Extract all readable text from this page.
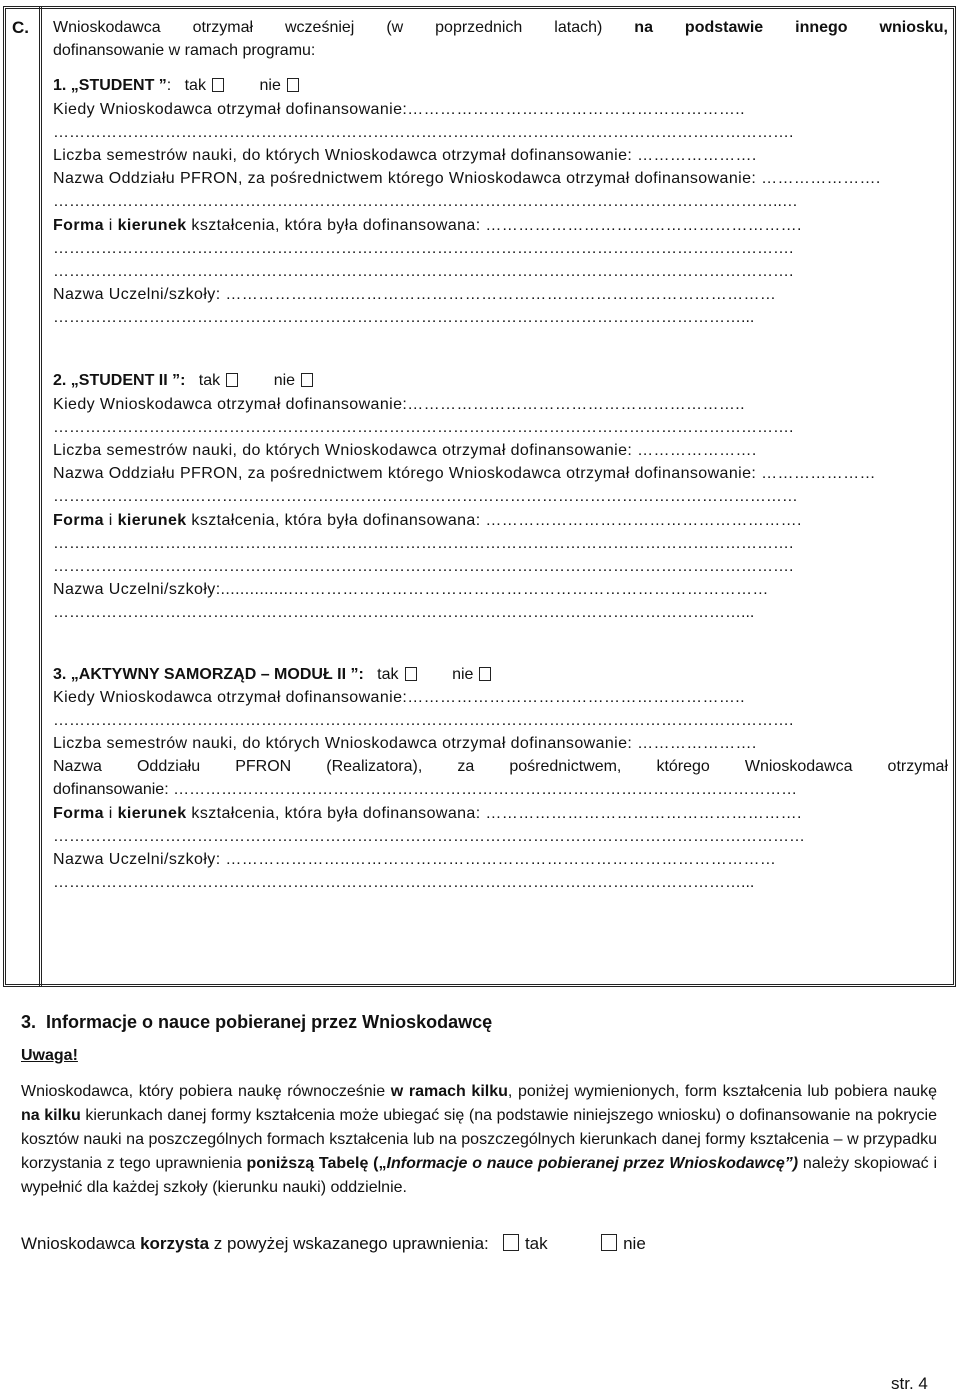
C. Wnioskodawca otrzymał wcześniej (w poprzednich latach) na podstawie innego wniosku,
dofinansowanie w ramach programu:
1. „STUDENT ”: tak	nie
Kiedy Wnioskodawca otrzymał dofinansowanie:……………………………………………………..
………………………………………………………………………………………………………………………….
Liczba semestrów nauki, do których Wnioskodawca otrzymał dofinansowanie: ………………….
Nazwa Oddziału PFRON, za pośrednictwem którego Wnioskodawca otrzymał dofinansowanie: ………………….
………………………………………………………………………………………………………………………..…
Forma i kierunek kształcenia, która była dofinansowana: ………………………………………………….
………………………………………………………………………………………………………………………….
………………………………………………………………………………………………………………………….
Nazwa Uczelni/szkoły: …………………..……………………………………………………………………
…………………………………………………………………………………………………………………...
2. „STUDENT II ”: tak	nie
Kiedy Wnioskodawca otrzymał dofinansowanie:……………………………………………………..
………………………………………………………………………………………………………………………….
Liczba semestrów nauki, do których Wnioskodawca otrzymał dofinansowanie: ………………….
Nazwa Oddziału PFRON, za pośrednictwem którego Wnioskodawca otrzymał dofinansowanie: …………………
……………………..……………………………………………………………………………………………………
Forma i kierunek kształcenia, która była dofinansowana: ………………………………………………….
………………………………………………………………………………………………………………………….
………………………………………………………………………………………………………………………….
Nazwa Uczelni/szkoły:...............……………………………………………………………………………
…………………………………………………………………………………………………………………...
3. „AKTYWNY SAMORZĄD – MODUŁ II ”: tak	nie
Kiedy Wnioskodawca otrzymał dofinansowanie:……………………………………………………..
………………………………………………………………………………………………………………………….
Liczba semestrów nauki, do których Wnioskodawca otrzymał dofinansowanie: ………………….
Nazwa Oddziału PFRON (Realizatora), za pośrednictwem, którego Wnioskodawca otrzymał
dofinansowanie: ………………………………………………………………………………………………………
Forma i kierunek kształcenia, która była dofinansowana: ………………………………………………….
……………………………………………………………………………………………………………………………
Nazwa Uczelni/szkoły: …………………..……………………………………………………………………
…………………………………………………………………………………………………………………...
3. Informacje o nauce pobieranej przez Wnioskodawcę
Uwaga!
Wnioskodawca, który pobiera naukę równocześnie w ramach kilku, poniżej wymienionych, form kształcenia lub pobiera naukę na kilku kierunkach danej formy kształcenia może ubiegać się (na podstawie niniejszego wniosku) o dofinansowanie na pokrycie kosztów nauki na poszczególnych formach kształcenia lub na poszczególnych kierunkach danej formy kształcenia – w przypadku korzystania z tego uprawnienia poniższą Tabelę („Informacje o nauce pobieranej przez Wnioskodawcę”) należy skopiować i wypełnić dla każdej szkoły (kierunku nauki) oddzielnie.
Wnioskodawca korzysta z powyżej wskazanego uprawnienia: tak	nie
str. 4
